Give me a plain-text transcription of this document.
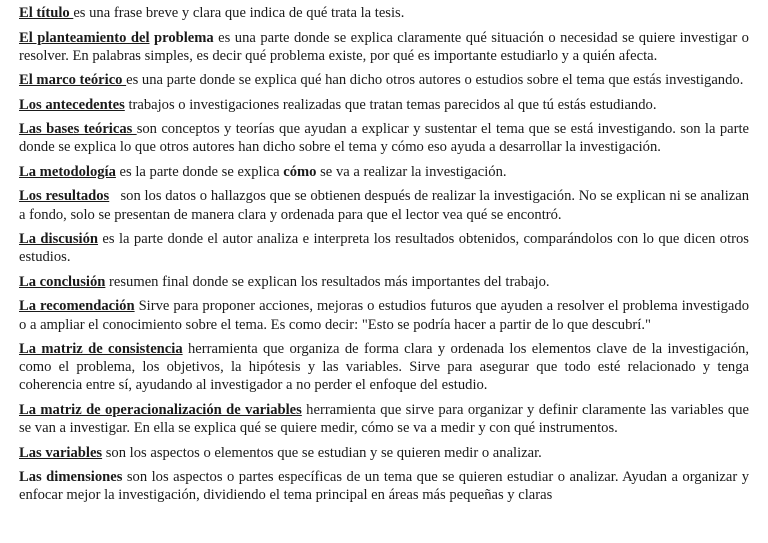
El título es una frase breve y clara que indica de qué trata la tesis.

El planteamiento del problema es una parte donde se explica claramente qué situación o necesidad se quiere investigar o resolver. En palabras simples, es decir qué problema existe, por qué es importante estudiarlo y a quién afecta.

El marco teórico es una parte donde se explica qué han dicho otros autores o estudios sobre el tema que estás investigando.

Los antecedentes trabajos o investigaciones realizadas que tratan temas parecidos al que tú estás estudiando.

Las bases teóricas son conceptos y teorías que ayudan a explicar y sustentar el tema que se está investigando. son la parte donde se explica lo que otros autores han dicho sobre el tema y cómo eso ayuda a desarrollar la investigación.

La metodología es la parte donde se explica cómo se va a realizar la investigación.

Los resultados   son los datos o hallazgos que se obtienen después de realizar la investigación. No se explican ni se analizan a fondo, solo se presentan de manera clara y ordenada para que el lector vea qué se encontró.

La discusión es la parte donde el autor analiza e interpreta los resultados obtenidos, comparándolos con lo que dicen otros estudios.

La conclusión resumen final donde se explican los resultados más importantes del trabajo.

La recomendación Sirve para proponer acciones, mejoras o estudios futuros que ayuden a resolver el problema investigado o a ampliar el conocimiento sobre el tema. Es como decir: "Esto se podría hacer a partir de lo que descubrí."

La matriz de consistencia herramienta que organiza de forma clara y ordenada los elementos clave de la investigación, como el problema, los objetivos, la hipótesis y las variables. Sirve para asegurar que todo esté relacionado y tenga coherencia entre sí, ayudando al investigador a no perder el enfoque del estudio.

La matriz de operacionalización de variables herramienta que sirve para organizar y definir claramente las variables que se van a investigar. En ella se explica qué se quiere medir, cómo se va a medir y con qué instrumentos.

Las variables son los aspectos o elementos que se estudian y se quieren medir o analizar.

Las dimensiones son los aspectos o partes específicas de un tema que se quieren estudiar o analizar. Ayudan a organizar y enfocar mejor la investigación, dividiendo el tema principal en áreas más pequeñas y claras
